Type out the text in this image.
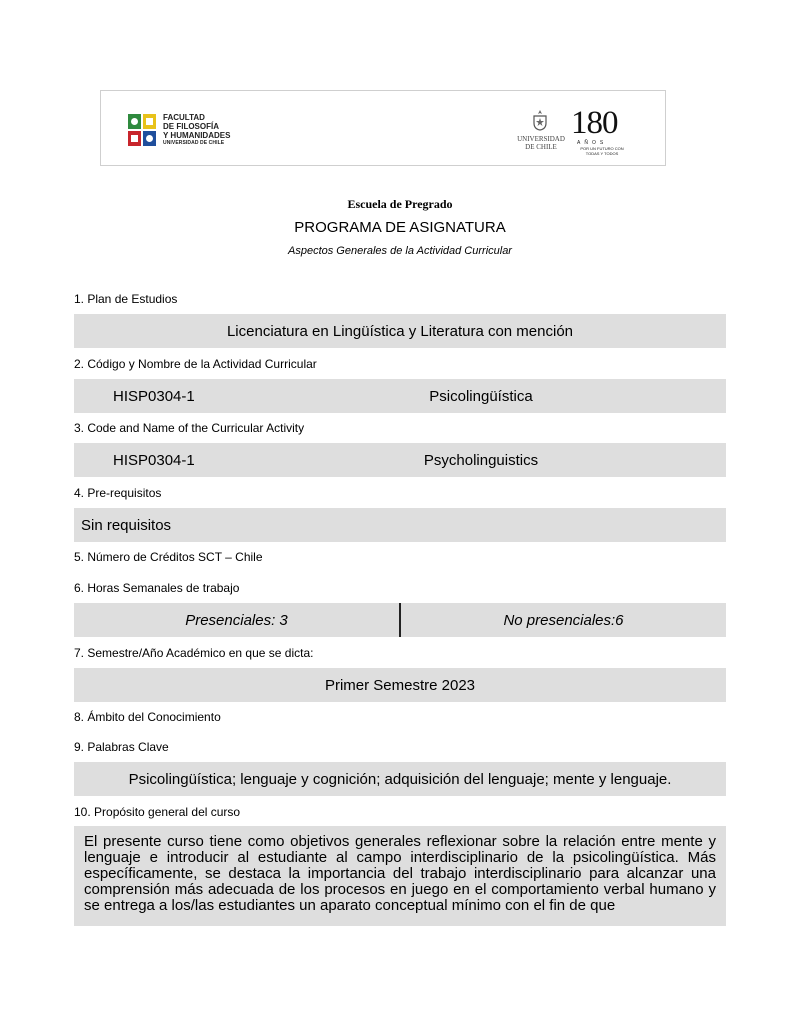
FACULTAD
DE FILOSOFÍA
Y HUMANIDADES
UNIVERSIDAD DE CHILE	UNIVERSIDAD
DE CHILE
180
AÑOS
POR UN FUTURO CON
TODAS Y TODOS
Escuela de Pregrado
PROGRAMA DE ASIGNATURA
Aspectos Generales de la Actividad Curricular
1. Plan de Estudios
Licenciatura en Lingüística y Literatura con mención
2. Código y Nombre de la Actividad Curricular
HISP0304-1	Psicolingüística
3. Code and Name of the Curricular Activity
HISP0304-1	Psycholinguistics
4. Pre-requisitos
Sin requisitos
5. Número de Créditos SCT – Chile
6. Horas Semanales de trabajo
Presenciales: 3	No presenciales:6
7. Semestre/Año Académico en que se dicta:
Primer Semestre 2023
8. Ámbito del Conocimiento
9. Palabras Clave
Psicolingüística; lenguaje y cognición; adquisición del lenguaje; mente y lenguaje.
10. Propósito general del curso

El presente curso tiene como objetivos generales reflexionar sobre la relación entre mente y lenguaje e introducir al estudiante al campo interdisciplinario de la psicolingüística. Más específicamente, se destaca la importancia del trabajo interdisciplinario para alcanzar una comprensión más adecuada de los procesos en juego en el comportamiento verbal humano y se entrega a los/las estudiantes un aparato conceptual mínimo con el fin de que
